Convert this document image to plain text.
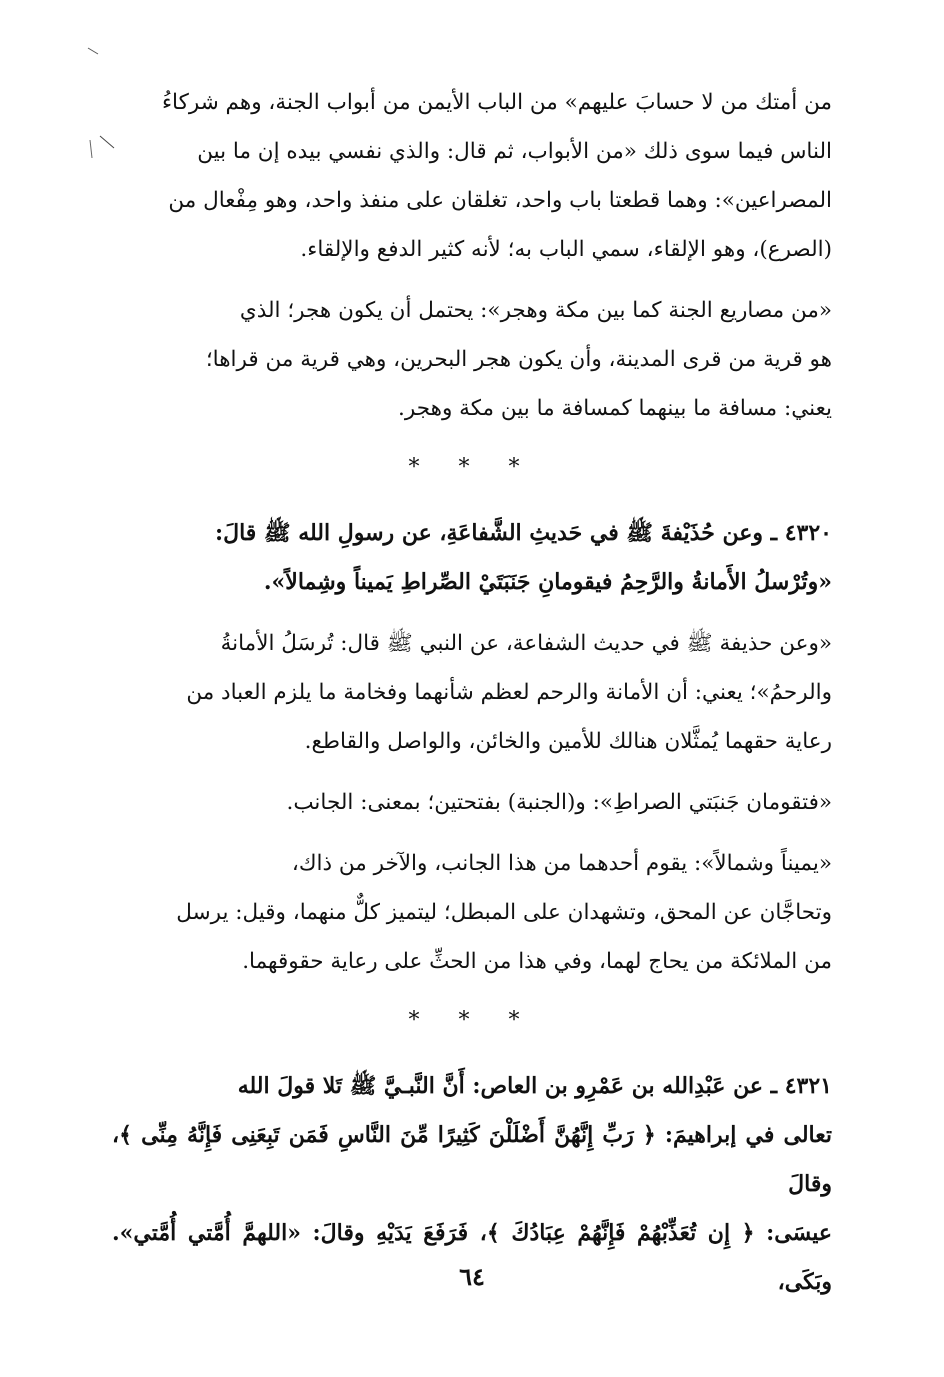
من أمتك من لا حسابَ عليهم» من الباب الأيمن من أبواب الجنة، وهم شركاءُ

الناس فيما سوى ذلك «من الأبواب، ثم قال: والذي نفسي بيده إن ما بين

المصراعين»: وهما قطعتا باب واحد، تغلقان على منفذ واحد، وهو مِفْعال من

(الصرع)، وهو الإلقاء، سمي الباب به؛ لأنه كثير الدفع والإلقاء.

«من مصاريع الجنة كما بين مكة وهجر»: يحتمل أن يكون هجر؛ الذي

هو قرية من قرى المدينة، وأن يكون هجر البحرين، وهي قرية من قراها؛

يعني: مسافة ما بينهما كمسافة ما بين مكة وهجر.

* * *

٤٣٢٠ ـ وعن حُذَيْفةَ ﷺ في حَديثِ الشَّفاعَةِ، عن رسولِ الله ﷺ قالَ:

«وتُرْسلُ الأَمانةُ والرَّحِمُ فيقومانِ جَنَبَتَيْ الصِّراطِ يَميناً وشِمالاً».

«وعن حذيفة ﷺ في حديث الشفاعة، عن النبي ﷺ قال: تُرسَلُ الأمانةُ

والرحمُ»؛ يعني: أن الأمانة والرحم لعظم شأنهما وفخامة ما يلزم العباد من

رعاية حقهما يُمثَّلان هنالك للأمين والخائن، والواصل والقاطع.

«فتقومان جَنبَتي الصراطِ»: و(الجنبة) بفتحتين؛ بمعنى: الجانب.

«يميناً وشمالاً»: يقوم أحدهما من هذا الجانب، والآخر من ذاك،

وتحاجَّان عن المحق، وتشهدان على المبطل؛ ليتميز كلٌّ منهما، وقيل: يرسل

من الملائكة من يحاج لهما، وفي هذا من الحثِّ على رعاية حقوقهما.

* * *

٤٣٢١ ـ عن عَبْدِالله بن عَمْرِو بن العاص: أَنَّ النَّبـيَّ ﷺ تَلا قولَ الله

تعالى في إبراهيمَ: ﴿ رَبِّ إِنَّهُنَّ أَضْلَلْنَ كَثِيرًا مِّنَ النَّاسِ فَمَن تَبِعَنِى فَإِنَّهُ مِنِّى ﴾، وقالَ

عيسَى: ﴿ إِن تُعَذِّبْهُمْ فَإِنَّهُمْ عِبَادُكَ ﴾، فَرَفَعَ يَدَيْهِ وقالَ: «اللهمَّ أُمَّتي أُمَّتي». وبَكَى،

٦٤
